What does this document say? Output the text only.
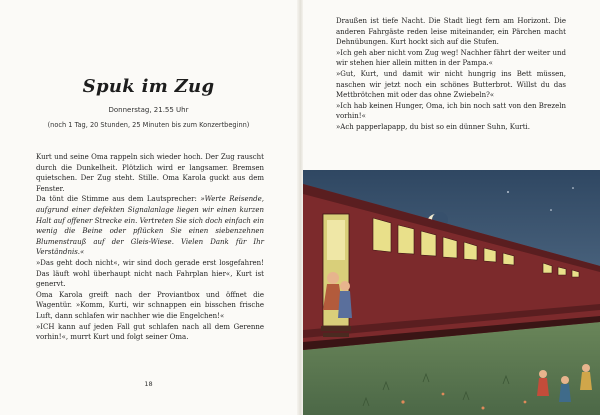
Spuk im Zug
Donnerstag, 21.55 Uhr
(noch 1 Tag, 20 Stunden, 25 Minuten bis zum Konzertbeginn)

Kurt und seine Oma rappeln sich wieder hoch. Der Zug rauscht durch die Dunkelheit. Plötzlich wird er langsamer. Bremsen quietschen. Der Zug steht. Stille. Oma Karola guckt aus dem Fenster.

Da tönt die Stimme aus dem Lautsprecher: »Werte Reisende, aufgrund einer defekten Signalanlage liegen wir einen kurzen Halt auf offener Strecke ein. Vertreten Sie sich doch einfach ein wenig die Beine oder pflücken Sie einen siebenzehnen Blumenstrauß auf der Gleis-Wiese. Vielen Dank für Ihr Verständnis.«

»Das geht doch nicht«, wir sind doch gerade erst losgefahren! Das läuft wohl überhaupt nicht nach Fahrplan hier«, Kurt ist genervt.

Oma Karola greift nach der Proviantbox und öffnet die Wagentür. »Komm, Kurti, wir schnappen ein bisschen frische Luft, dann schlafen wir nachher wie die Engelchen!«

»ICH kann auf jeden Fall gut schlafen nach all dem Gerenne vorhin!«, murrt Kurt und folgt seiner Oma.

18

Draußen ist tiefe Nacht. Die Stadt liegt fern am Horizont. Die anderen Fahrgäste reden leise miteinander, ein Pärchen macht Dehnübungen. Kurt hockt sich auf die Stufen.

»Ich geh aber nicht vom Zug weg! Nachher fährt der weiter und wir stehen hier allein mitten in der Pampa.«

»Gut, Kurt, und damit wir nicht hungrig ins Bett müssen, naschen wir jetzt noch ein schönes Butterbrot. Willst du das Mettbrötchen mit oder das ohne Zwiebeln?«

»Ich hab keinen Hunger, Oma, ich bin noch satt von den Brezeln vorhin!«

»Ach papperlapapp, du bist so ein dünner Suhn, Kurti.
